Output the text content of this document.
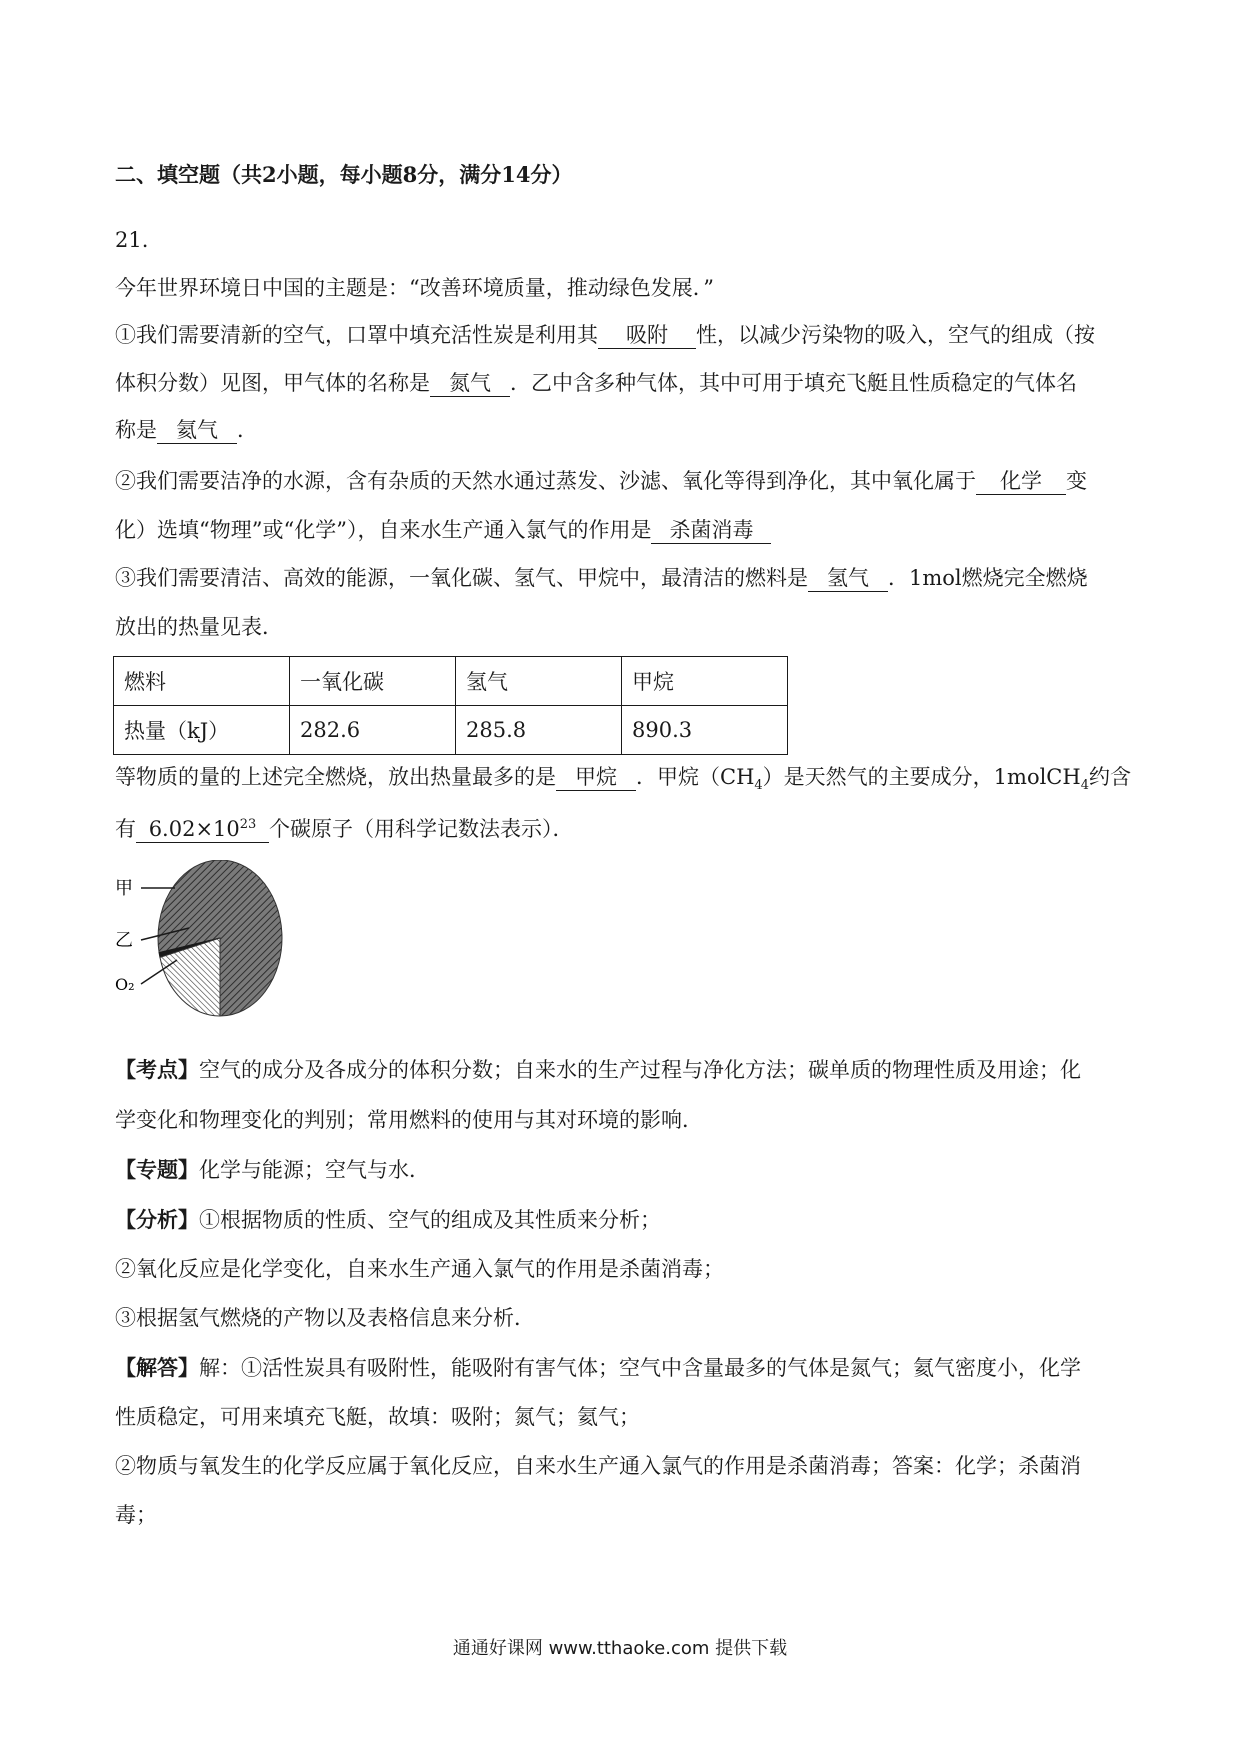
二、填空题（共2小题，每小题8分，满分14分）
21.
今年世界环境日中国的主题是：“改善环境质量，推动绿色发展．”
①我们需要清新的空气，口罩中填充活性炭是利用其 吸附 性，以减少污染物的吸入，空气的组成（按
体积分数）见图，甲气体的名称是 氮气 ．乙中含多种气体，其中可用于填充飞艇且性质稳定的气体名
称是 氦气 ．
②我们需要洁净的水源，含有杂质的天然水通过蒸发、沙滤、氧化等得到净化，其中氧化属于 化学 变
化）选填“物理”或“化学”），自来水生产通入氯气的作用是 杀菌消毒
③我们需要清洁、高效的能源，一氧化碳、氢气、甲烷中，最清洁的燃料是 氢气 ．1mol燃烧完全燃烧
放出的热量见表．
燃料	一氧化碳	氢气	甲烷
热量（kJ）	282.6	285.8	890.3
等物质的量的上述完全燃烧，放出热量最多的是 甲烷 ．甲烷$(CH_4)$是天然气的主要成分，1molCH$_4$约含
有 $6.02\times 10^{23}$ 个碳原子（用科学记数法表示）．
甲
乙
O₂
【考点】空气的成分及各成分的体积分数；自来水的生产过程与净化方法；碳单质的物理性质及用途；化
学变化和物理变化的判别；常用燃料的使用与其对环境的影响．
【专题】化学与能源；空气与水．
【分析】①根据物质的性质、空气的组成及其性质来分析；
②氧化反应是化学变化，自来水生产通入氯气的作用是杀菌消毒；
③根据氢气燃烧的产物以及表格信息来分析．
【解答】解：①活性炭具有吸附性，能吸附有害气体；空气中含量最多的气体是氮气；氦气密度小，化学
性质稳定，可用来填充飞艇，故填：吸附；氮气；氦气；
②物质与氧发生的化学反应属于氧化反应，自来水生产通入氯气的作用是杀菌消毒；答案：化学；杀菌消
毒；
通通好课网 www.tthaoke.com 提供下载
